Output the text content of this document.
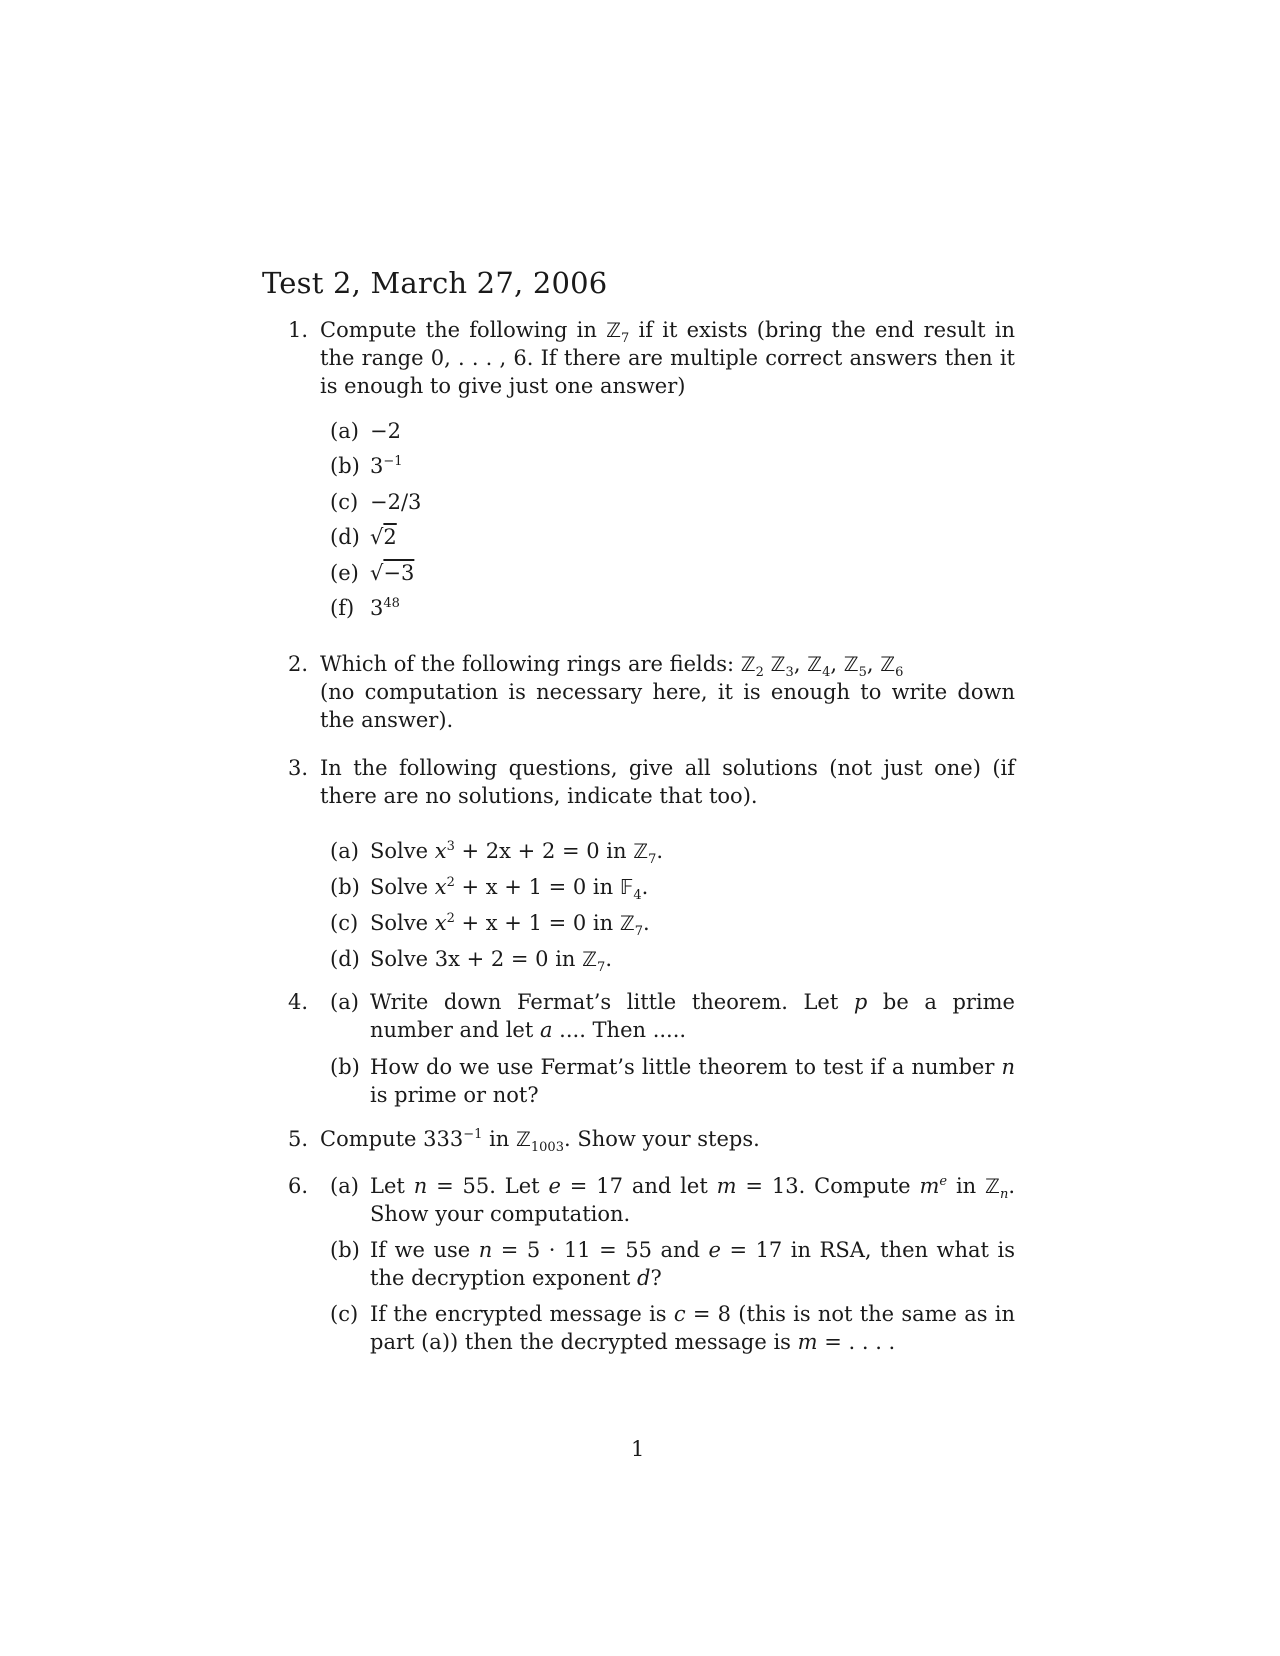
Test 2, March 27, 2006
1. Compute the following in ℤ$_7$ if it exists (bring the end result in the range 0, . . . , 6. If there are multiple correct answers then it is enough to give just one answer)
(a) −2
(b) $3^{-1}$
(c) −2/3
(d) √2
(e) √−3
(f) $3^{48}$
2. Which of the following rings are fields: ℤ$_2$ ℤ$_3$, ℤ$_4$, ℤ$_5$, ℤ$_6$
(no computation is necessary here, it is enough to write down the answer).
3. In the following questions, give all solutions (not just one) (if there are no solutions, indicate that too).
(a) Solve $x^3 + 2x + 2 = 0$ in ℤ$_7$.
(b) Solve $x^2 + x + 1 = 0$ in 𝔽$_4$.
(c) Solve $x^2 + x + 1 = 0$ in ℤ$_7$.
(d) Solve 3x + 2 = 0 in ℤ$_7$.
4. (a) Write down Fermat’s little theorem. Let p be a prime number and let a .... Then .....
(b) How do we use Fermat’s little theorem to test if a number n is prime or not?
5. Compute $333^{-1}$ in ℤ$_{1003}$. Show your steps.
6. (a) Let n = 55. Let e = 17 and let m = 13. Compute $m^e$ in ℤ$_n$. Show your computation.
(b) If we use n = 5 · 11 = 55 and e = 17 in RSA, then what is the decryption exponent d?
(c) If the encrypted message is c = 8 (this is not the same as in part (a)) then the decrypted message is m = . . . .
1
